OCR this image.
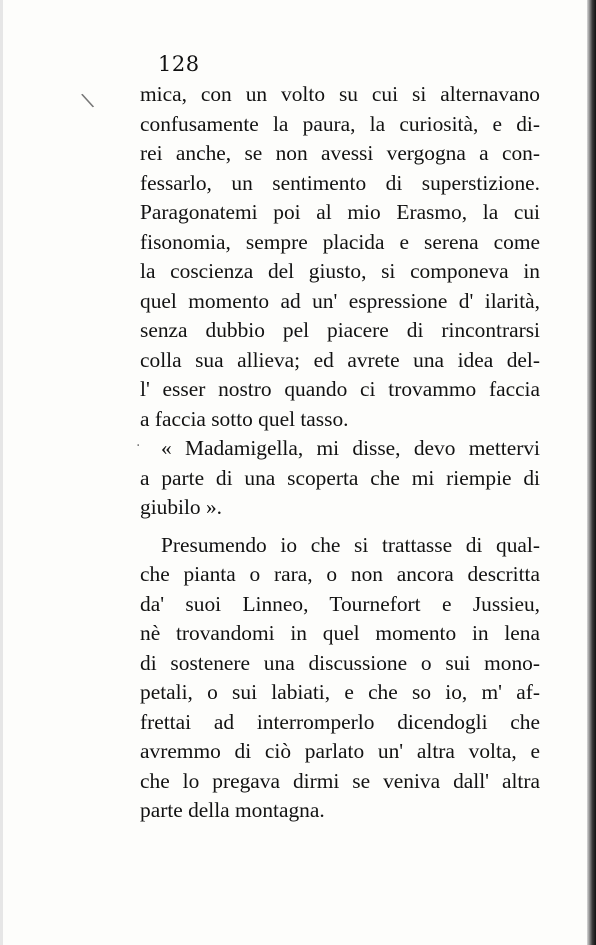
128
\
·
mica, con un volto su cui si alternavano
confusamente la paura, la curiosità, e di-
rei anche, se non avessi vergogna a con-
fessarlo, un sentimento di superstizione.
Paragonatemi poi al mio Erasmo, la cui
fisonomia, sempre placida e serena come
la coscienza del giusto, si componeva in
quel momento ad un' espressione d' ilarità,
senza dubbio pel piacere di rincontrarsi
colla sua allieva; ed avrete una idea del-
l' esser nostro quando ci trovammo faccia
a faccia sotto quel tasso.
« Madamigella, mi disse, devo mettervi
a parte di una scoperta che mi riempie di
giubilo ».
Presumendo io che si trattasse di qual-
che pianta o rara, o non ancora descritta
da' suoi Linneo, Tournefort e Jussieu,
nè trovandomi in quel momento in lena
di sostenere una discussione o sui mono-
petali, o sui labiati, e che so io, m' af-
frettai ad interromperlo dicendogli che
avremmo di ciò parlato un' altra volta, e
che lo pregava dirmi se veniva dall' altra
parte della montagna.
